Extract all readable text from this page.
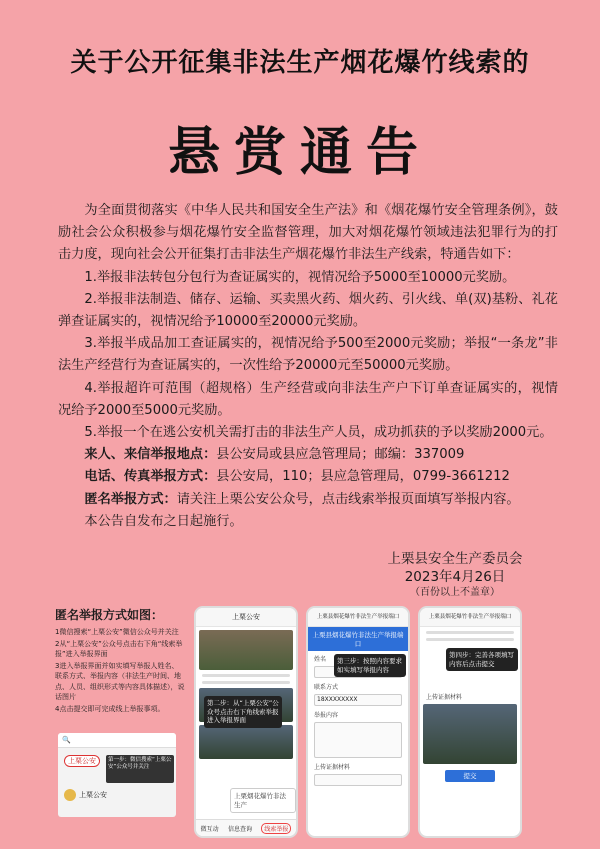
关于公开征集非法生产烟花爆竹线索的
悬赏通告

为全面贯彻落实《中华人民共和国安全生产法》和《烟花爆竹安全管理条例》，鼓励社会公众积极参与烟花爆竹安全监督管理，加大对烟花爆竹领域违法犯罪行为的打击力度，现向社会公开征集打击非法生产烟花爆竹非法生产线索，特通告如下：

1.举报非法转包分包行为查证属实的，视情况给予5000至10000元奖励。

2.举报非法制造、储存、运输、买卖黑火药、烟火药、引火线、单(双)基粉、礼花弹查证属实的，视情况给予10000至20000元奖励。

3.举报半成品加工查证属实的，视情况给予500至2000元奖励；举报“一条龙”非法生产经营行为查证属实的，一次性给予20000元至50000元奖励。

4.举报超许可范围（超规格）生产经营或向非法生产户下订单查证属实的，视情况给予2000至5000元奖励。

5.举报一个在逃公安机关需打击的非法生产人员，成功抓获的予以奖励2000元。

来人、来信举报地点：县公安局或县应急管理局；邮编：337009

电话、传真举报方式：县公安局，110；县应急管理局，0799-3661212

匿名举报方式：请关注上栗公安公众号，点击线索举报页面填写举报内容。

本公告自发布之日起施行。

上栗县安全生产委员会
2023年4月26日
（百份以上不盖章）
匿名举报方式如图：
1微信搜索“上栗公安”微信公众号并关注
2从“上栗公安”公众号点击右下角“线索举报”进入举报界面
3进入举报界面并如实填写举报人姓名、联系方式、举报内容（非法生产时间、地点、人员、组织形式等内容具体描述），说话图片
4点击提交即可完成线上举报事项。
🔍
上栗公安	第一步：微信搜索“上栗公安”公众号并关注
上栗公安
上栗公安
第二步：从“上栗公安”公众号点击右下角线索举报进入举报界面
上栗烟花爆竹非法生产
微互动 信息查询	线索举报
上栗县烟花爆竹非法生产举报端口
上栗县烟花爆竹非法生产举报端口
姓名
联系方式
18XXXXXXXX
举报内容
上传证据材料
第三步：按照内容要求如实填写举报内容
上栗县烟花爆竹非法生产举报端口
第四步：完善各项填写内容后点击提交
上传证据材料
提交
